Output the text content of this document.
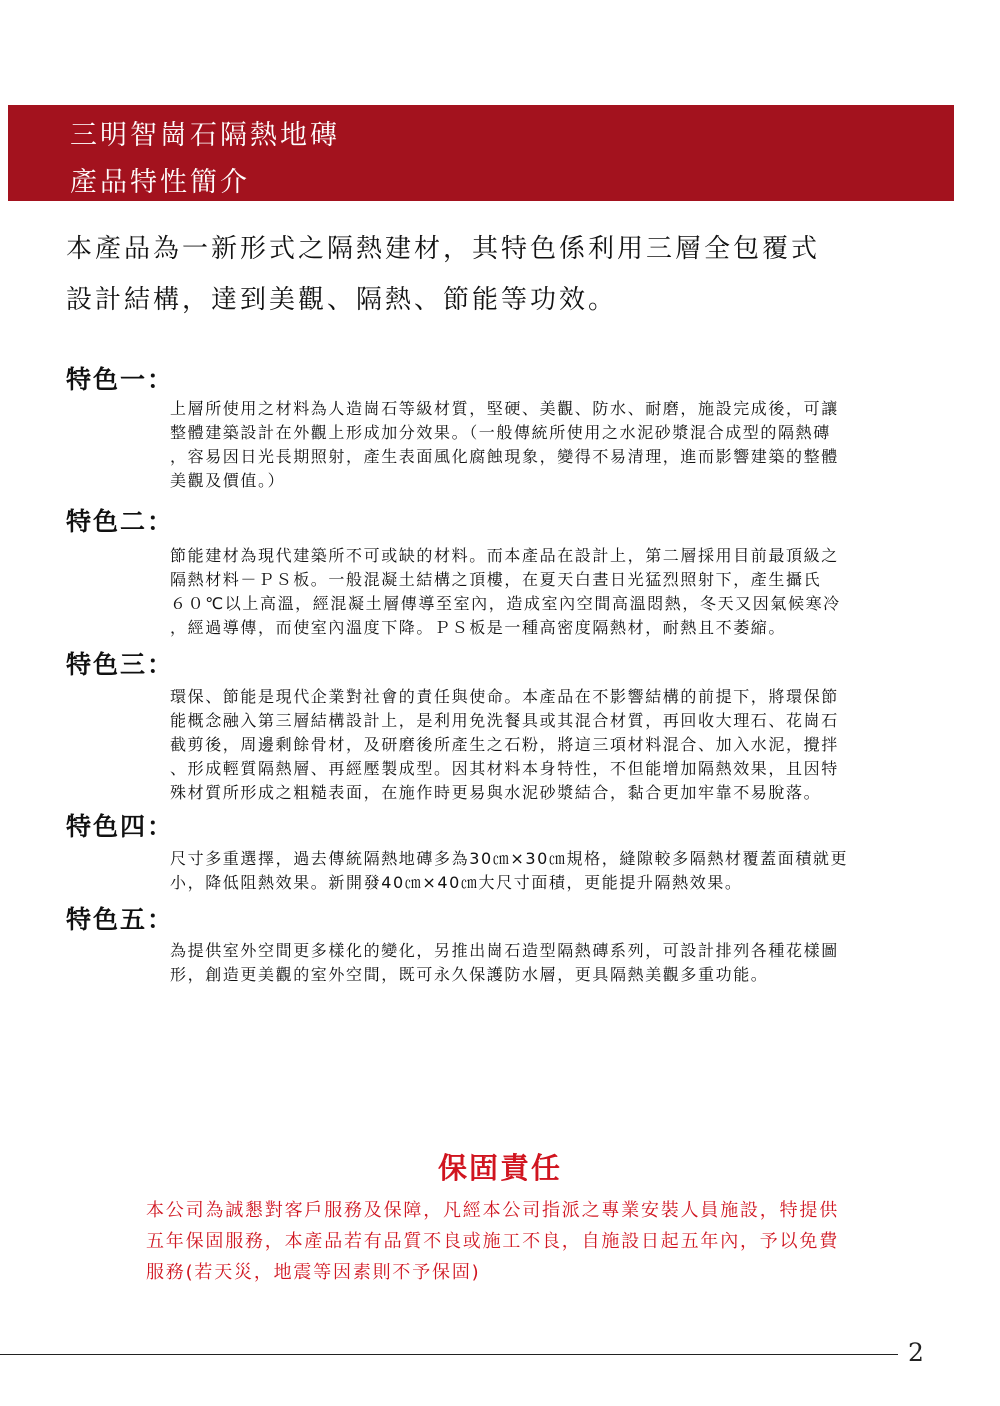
三明智崗石隔熱地磚
產品特性簡介
本產品為一新形式之隔熱建材，其特色係利用三層全包覆式
設計結構，達到美觀、隔熱、節能等功效。
特色一：
上層所使用之材料為人造崗石等級材質，堅硬、美觀、防水、耐磨，施設完成後，可讓
整體建築設計在外觀上形成加分效果。（一般傳統所使用之水泥砂漿混合成型的隔熱磚
，容易因日光長期照射，產生表面風化腐蝕現象，變得不易清理，進而影響建築的整體
美觀及價值。）
特色二：
節能建材為現代建築所不可或缺的材料。而本產品在設計上，第二層採用目前最頂級之
隔熱材料－ＰＳ板。一般混凝土結構之頂樓，在夏天白晝日光猛烈照射下，產生攝氏
６０℃以上高溫，經混凝土層傳導至室內，造成室內空間高溫悶熱，冬天又因氣候寒冷
，經過導傳，而使室內溫度下降。ＰＳ板是一種高密度隔熱材，耐熱且不萎縮。
特色三：
環保、節能是現代企業對社會的責任與使命。本產品在不影響結構的前提下，將環保節
能概念融入第三層結構設計上，是利用免洗餐具或其混合材質，再回收大理石、花崗石
截剪後，周邊剩餘骨材，及研磨後所產生之石粉，將這三項材料混合、加入水泥，攪拌
、形成輕質隔熱層、再經壓製成型。因其材料本身特性，不但能增加隔熱效果，且因特
殊材質所形成之粗糙表面，在施作時更易與水泥砂漿結合，黏合更加牢靠不易脫落。
特色四：
尺寸多重選擇，過去傳統隔熱地磚多為30㎝×30㎝規格，縫隙較多隔熱材覆蓋面積就更
小，降低阻熱效果。新開發40㎝×40㎝大尺寸面積，更能提升隔熱效果。
特色五：
為提供室外空間更多樣化的變化，另推出崗石造型隔熱磚系列，可設計排列各種花樣圖
形，創造更美觀的室外空間，既可永久保護防水層，更具隔熱美觀多重功能。
保固責任
本公司為誠懇對客戶服務及保障，凡經本公司指派之專業安裝人員施設，特提供
五年保固服務，本產品若有品質不良或施工不良，自施設日起五年內，予以免費
服務(若天災，地震等因素則不予保固)
2
